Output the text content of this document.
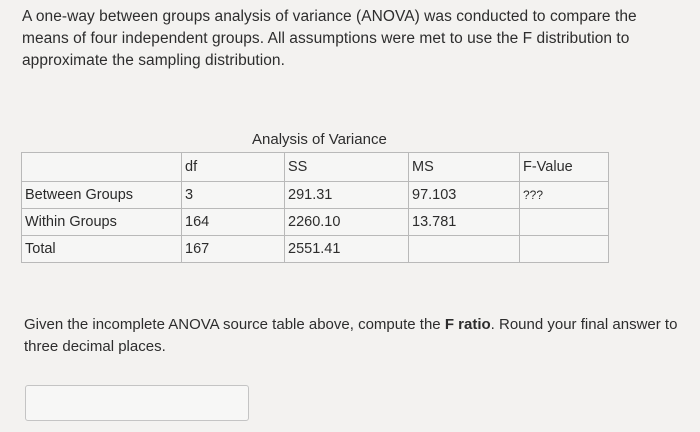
A one-way between groups analysis of variance (ANOVA) was conducted to compare the means of four independent groups. All assumptions were met to use the F distribution to approximate the sampling distribution.
Analysis of Variance
	df	SS	MS	F-Value
Between Groups	3	291.31	97.103	???
Within Groups	164	2260.10	13.781	
Total	167	2551.41		
Given the incomplete ANOVA source table above, compute the F ratio. Round your final answer to three decimal places.
